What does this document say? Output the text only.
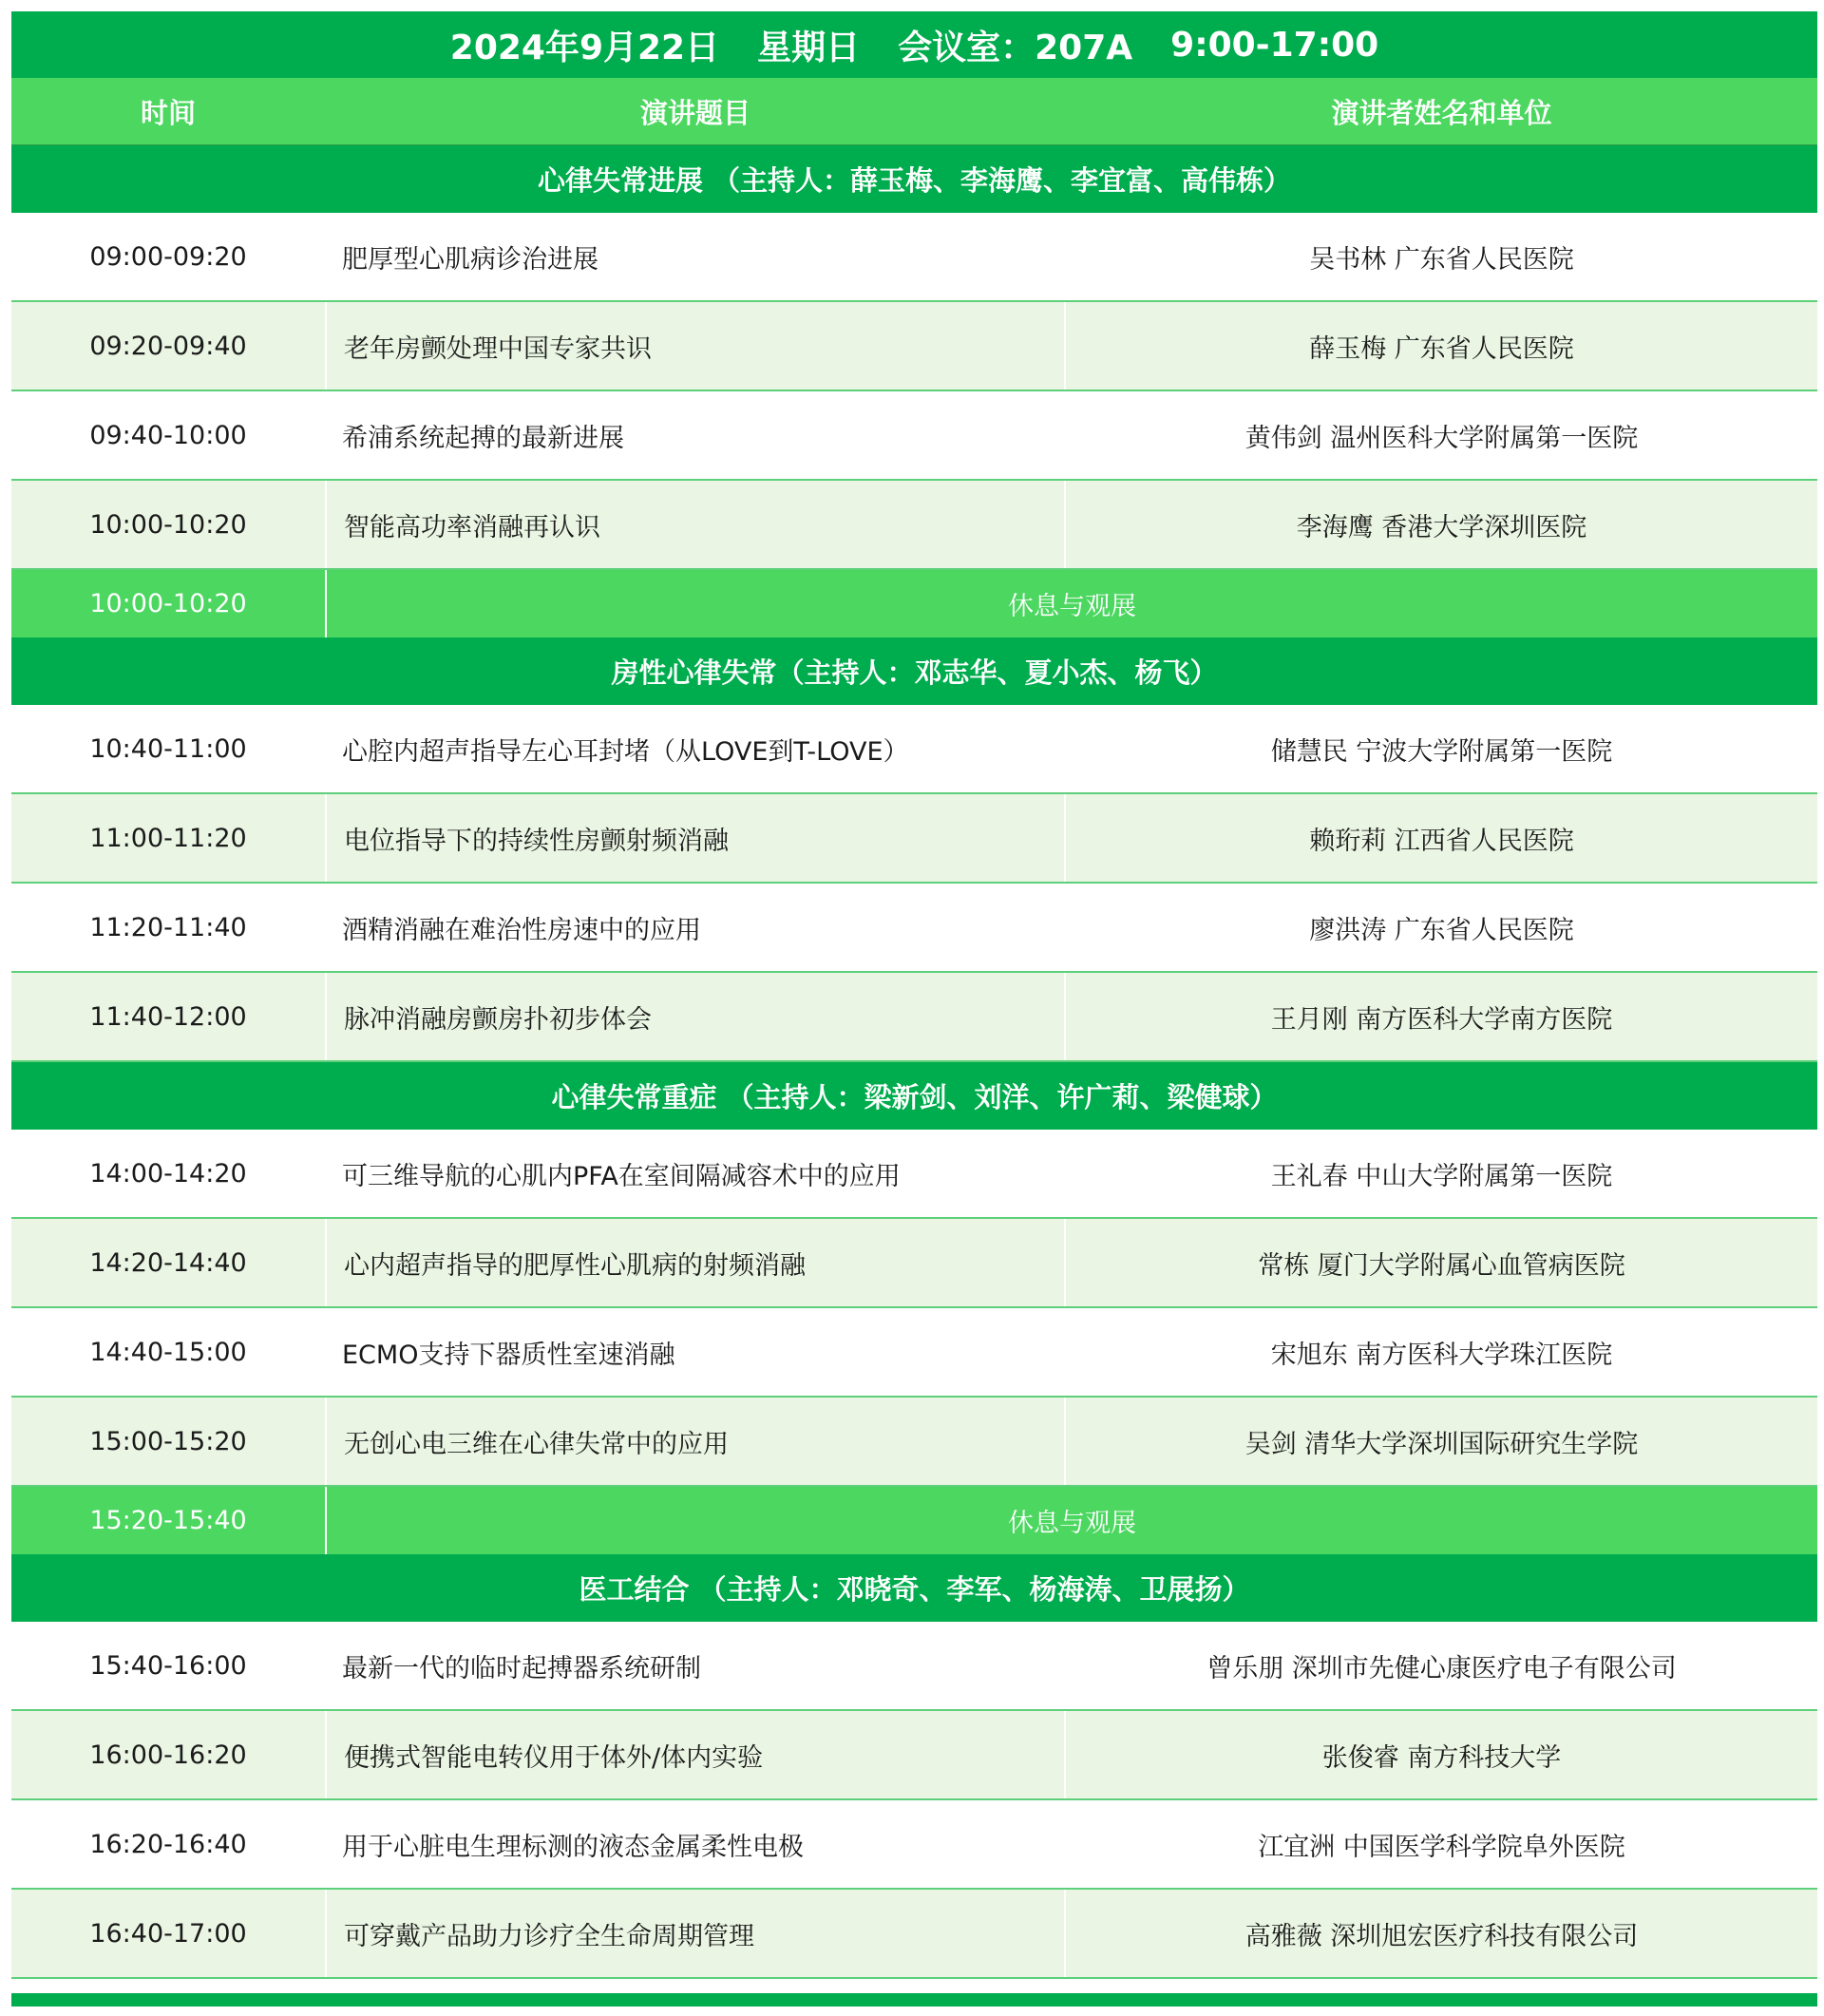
2024年9月22日 星期日 会议室：207A 9:00-17:00
时间	演讲题目	演讲者姓名和单位
心律失常进展 （主持人：薛玉梅、李海鹰、李宜富、高伟栋）
09:00-09:20	肥厚型心肌病诊治进展	吴书林 广东省人民医院
09:20-09:40	老年房颤处理中国专家共识	薛玉梅 广东省人民医院
09:40-10:00	希浦系统起搏的最新进展	黄伟剑 温州医科大学附属第一医院
10:00-10:20	智能高功率消融再认识	李海鹰 香港大学深圳医院
10:00-10:20	休息与观展
房性心律失常（主持人：邓志华、夏小杰、杨飞）
10:40-11:00	心腔内超声指导左心耳封堵（从LOVE到T-LOVE）	储慧民 宁波大学附属第一医院
11:00-11:20	电位指导下的持续性房颤射频消融	赖珩莉 江西省人民医院
11:20-11:40	酒精消融在难治性房速中的应用	廖洪涛 广东省人民医院
11:40-12:00	脉冲消融房颤房扑初步体会	王月刚 南方医科大学南方医院
心律失常重症 （主持人：梁新剑、刘洋、许广莉、梁健球）
14:00-14:20	可三维导航的心肌内PFA在室间隔减容术中的应用	王礼春 中山大学附属第一医院
14:20-14:40	心内超声指导的肥厚性心肌病的射频消融	常栋 厦门大学附属心血管病医院
14:40-15:00	ECMO支持下器质性室速消融	宋旭东 南方医科大学珠江医院
15:00-15:20	无创心电三维在心律失常中的应用	吴剑 清华大学深圳国际研究生学院
15:20-15:40	休息与观展
医工结合 （主持人：邓晓奇、李军、杨海涛、卫展扬）
15:40-16:00	最新一代的临时起搏器系统研制	曾乐朋 深圳市先健心康医疗电子有限公司
16:00-16:20	便携式智能电转仪用于体外/体内实验	张俊睿 南方科技大学
16:20-16:40	用于心脏电生理标测的液态金属柔性电极	江宜洲 中国医学科学院阜外医院
16:40-17:00	可穿戴产品助力诊疗全生命周期管理	高雅薇 深圳旭宏医疗科技有限公司
